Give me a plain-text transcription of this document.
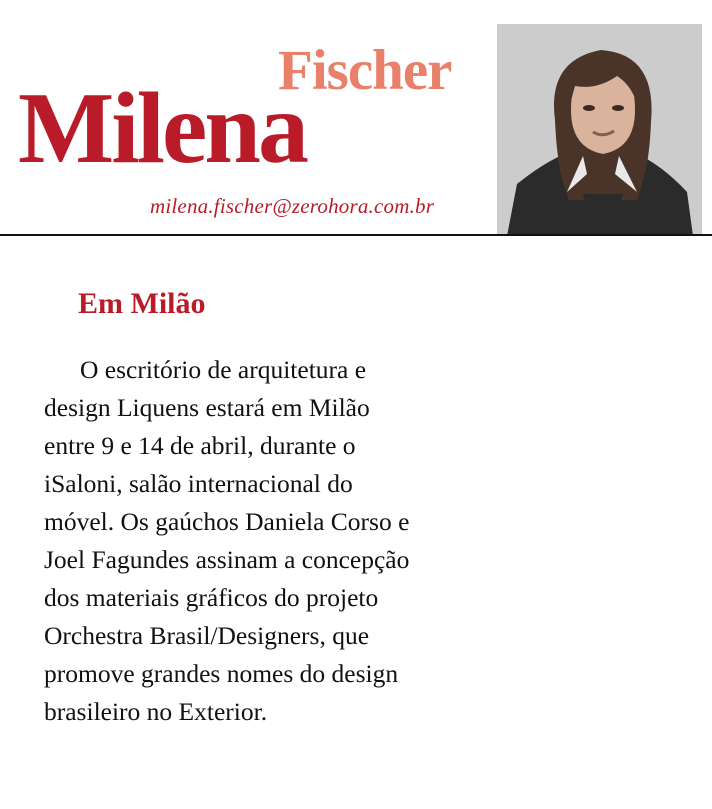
Fischer
Milena
milena.fischer@zerohora.com.br
Em Milão

O escritório de arquitetura e design Liquens estará em Milão entre 9 e 14 de abril, durante o iSaloni, salão internacional do móvel. Os gaúchos Daniela Corso e Joel Fagundes assinam a concepção dos materiais gráficos do projeto Orchestra Brasil/Designers, que promove grandes nomes do design brasileiro no Exterior.
